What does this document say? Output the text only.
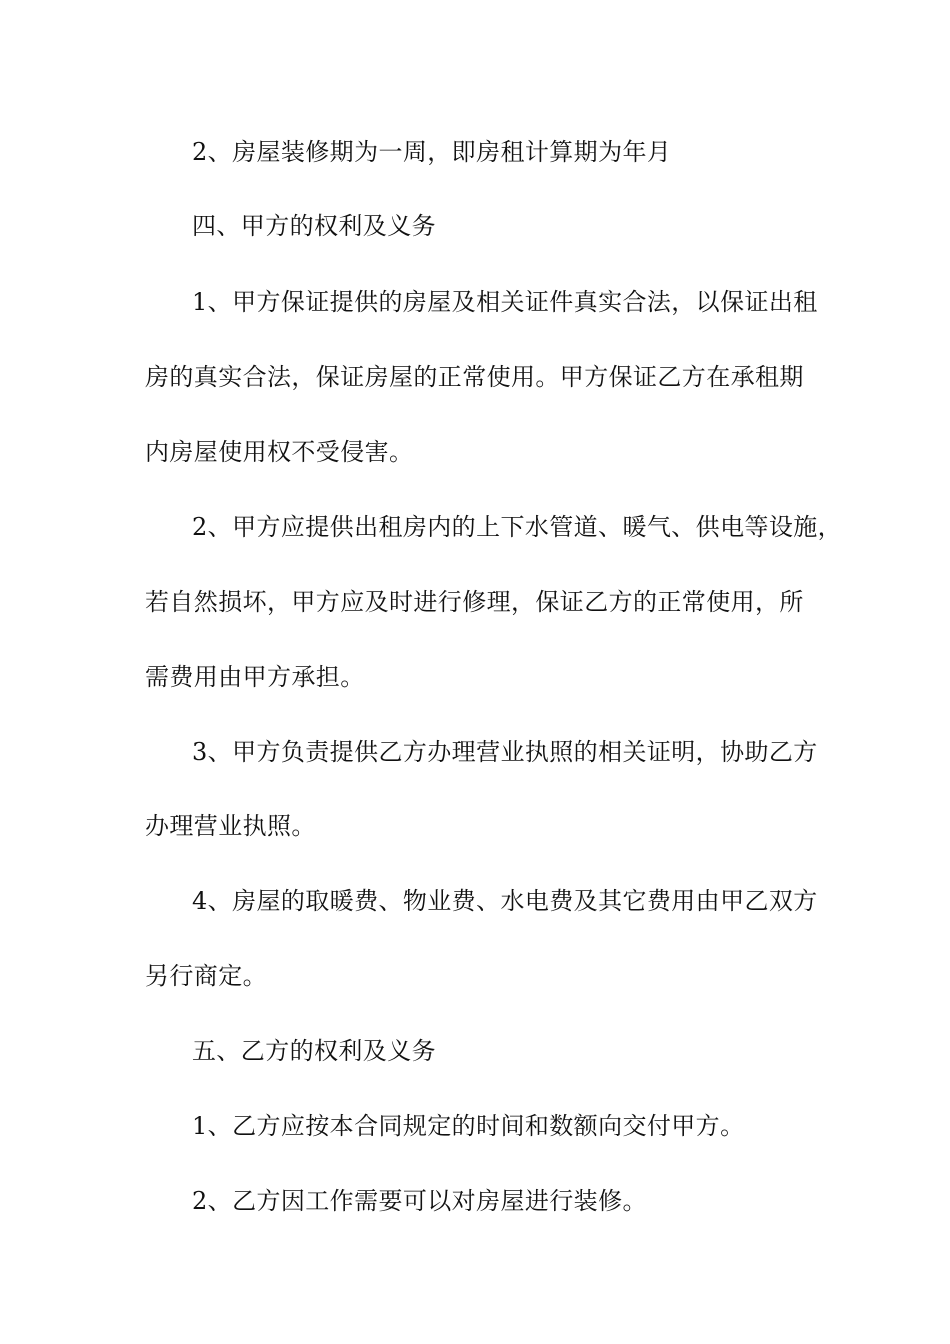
2、房屋装修期为一周，即房租计算期为年月
四、甲方的权利及义务
1、甲方保证提供的房屋及相关证件真实合法，以保证出租
房的真实合法，保证房屋的正常使用。甲方保证乙方在承租期
内房屋使用权不受侵害。
2、甲方应提供出租房内的上下水管道、暖气、供电等设施，
若自然损坏，甲方应及时进行修理，保证乙方的正常使用，所
需费用由甲方承担。
3、甲方负责提供乙方办理营业执照的相关证明，协助乙方
办理营业执照。
4、房屋的取暖费、物业费、水电费及其它费用由甲乙双方
另行商定。
五、乙方的权利及义务
1、乙方应按本合同规定的时间和数额向交付甲方。
2、乙方因工作需要可以对房屋进行装修。
